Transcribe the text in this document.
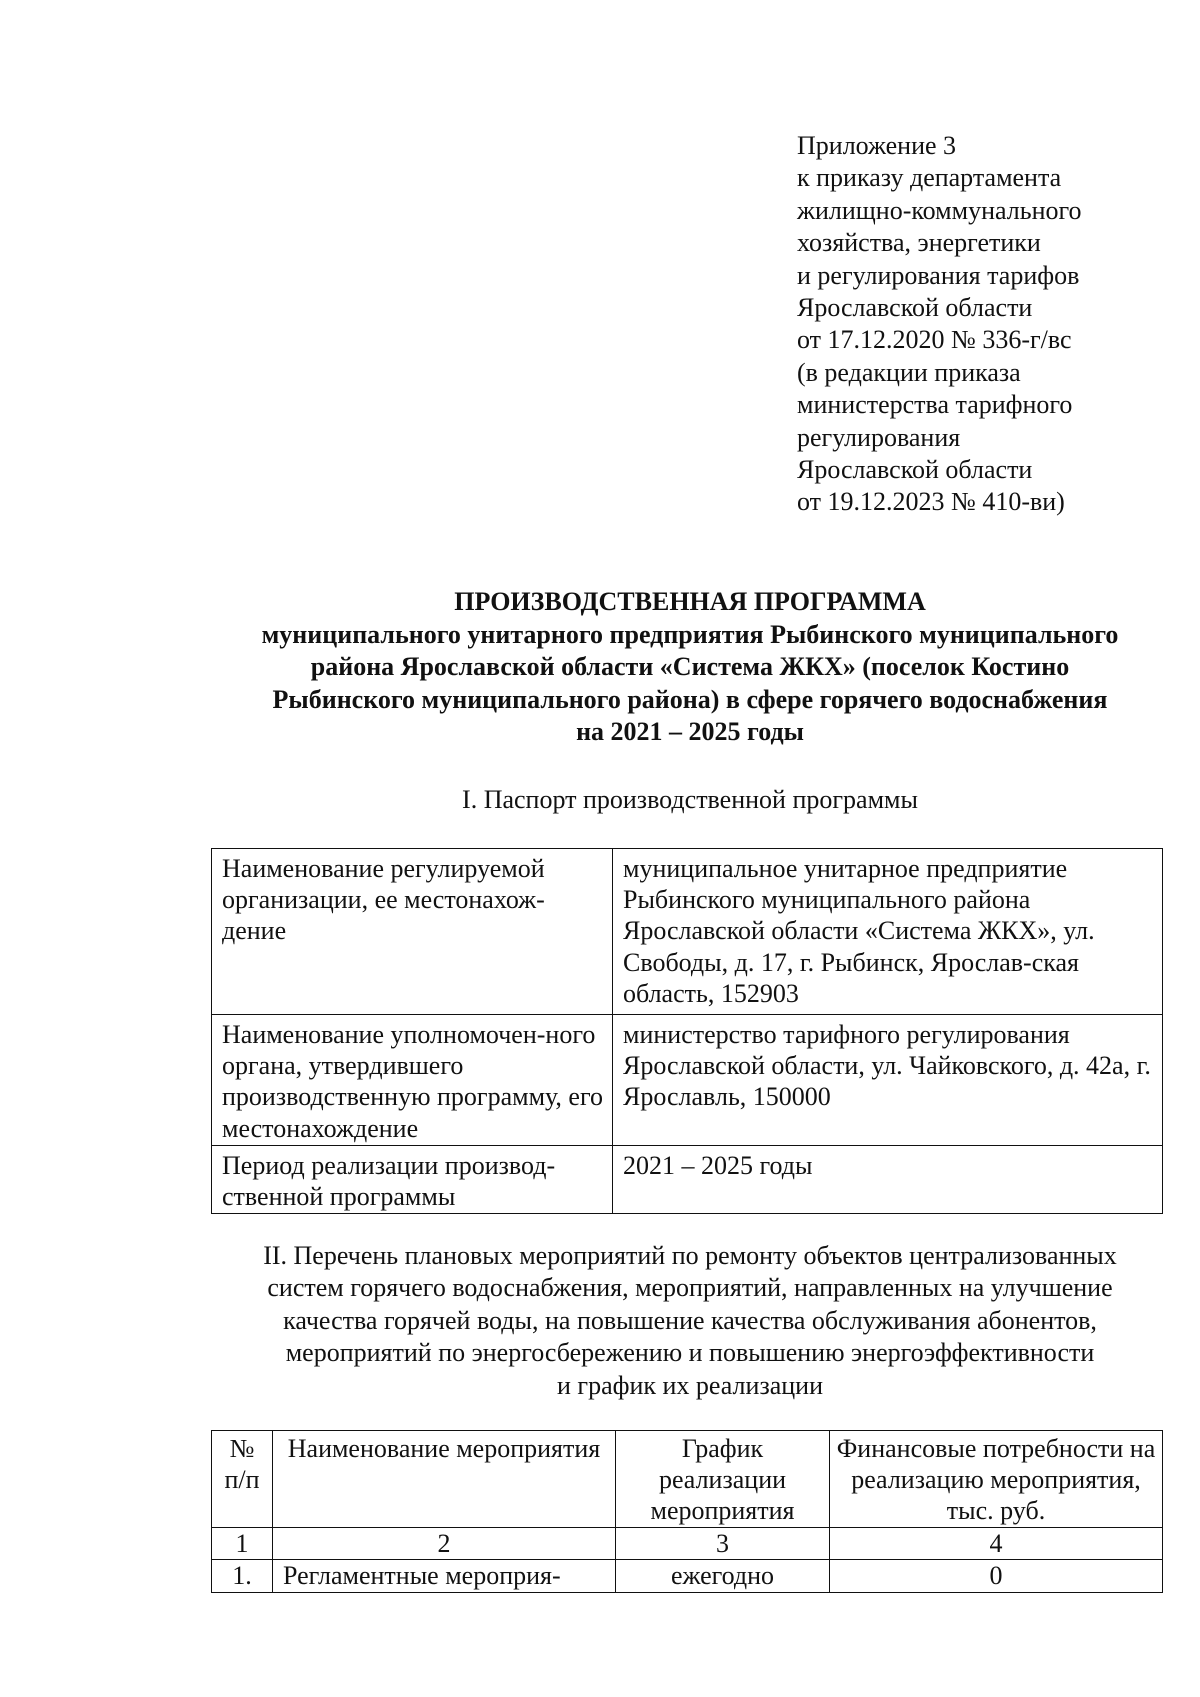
Приложение 3
к приказу департамента
жилищно-коммунального
хозяйства, энергетики
и регулирования тарифов
Ярославской области
от 17.12.2020 № 336-г/вс
(в редакции приказа
министерства тарифного
регулирования
Ярославской области
от 19.12.2023 № 410-ви)
ПРОИЗВОДСТВЕННАЯ ПРОГРАММА
муниципального унитарного предприятия Рыбинского муниципального
района Ярославской области «Система ЖКХ» (поселок Костино
Рыбинского муниципального района) в сфере горячего водоснабжения
на 2021 – 2025 годы
I. Паспорт производственной программы
Наименование регулируемой организации, ее местонахож-дение	муниципальное унитарное предприятие Рыбинского муниципального района Ярославской области «Система ЖКХ», ул. Свободы, д. 17, г. Рыбинск, Ярослав-ская область, 152903
Наименование уполномочен-ного органа, утвердившего производственную программу, его местонахождение	министерство тарифного регулирования Ярославской области, ул. Чайковского, д. 42а, г. Ярославль, 150000
Период реализации производ-ственной программы	2021 – 2025 годы
II. Перечень плановых мероприятий по ремонту объектов централизованных
систем горячего водоснабжения, мероприятий, направленных на улучшение
качества горячей воды, на повышение качества обслуживания абонентов,
мероприятий по энергосбережению и повышению энергоэффективности
и график их реализации
№ п/п	Наименование мероприятия	График реализации мероприятия	Финансовые потребности на реализацию мероприятия, тыс. руб.
1	2	3	4
1.	Регламентные мероприя-	ежегодно	0
